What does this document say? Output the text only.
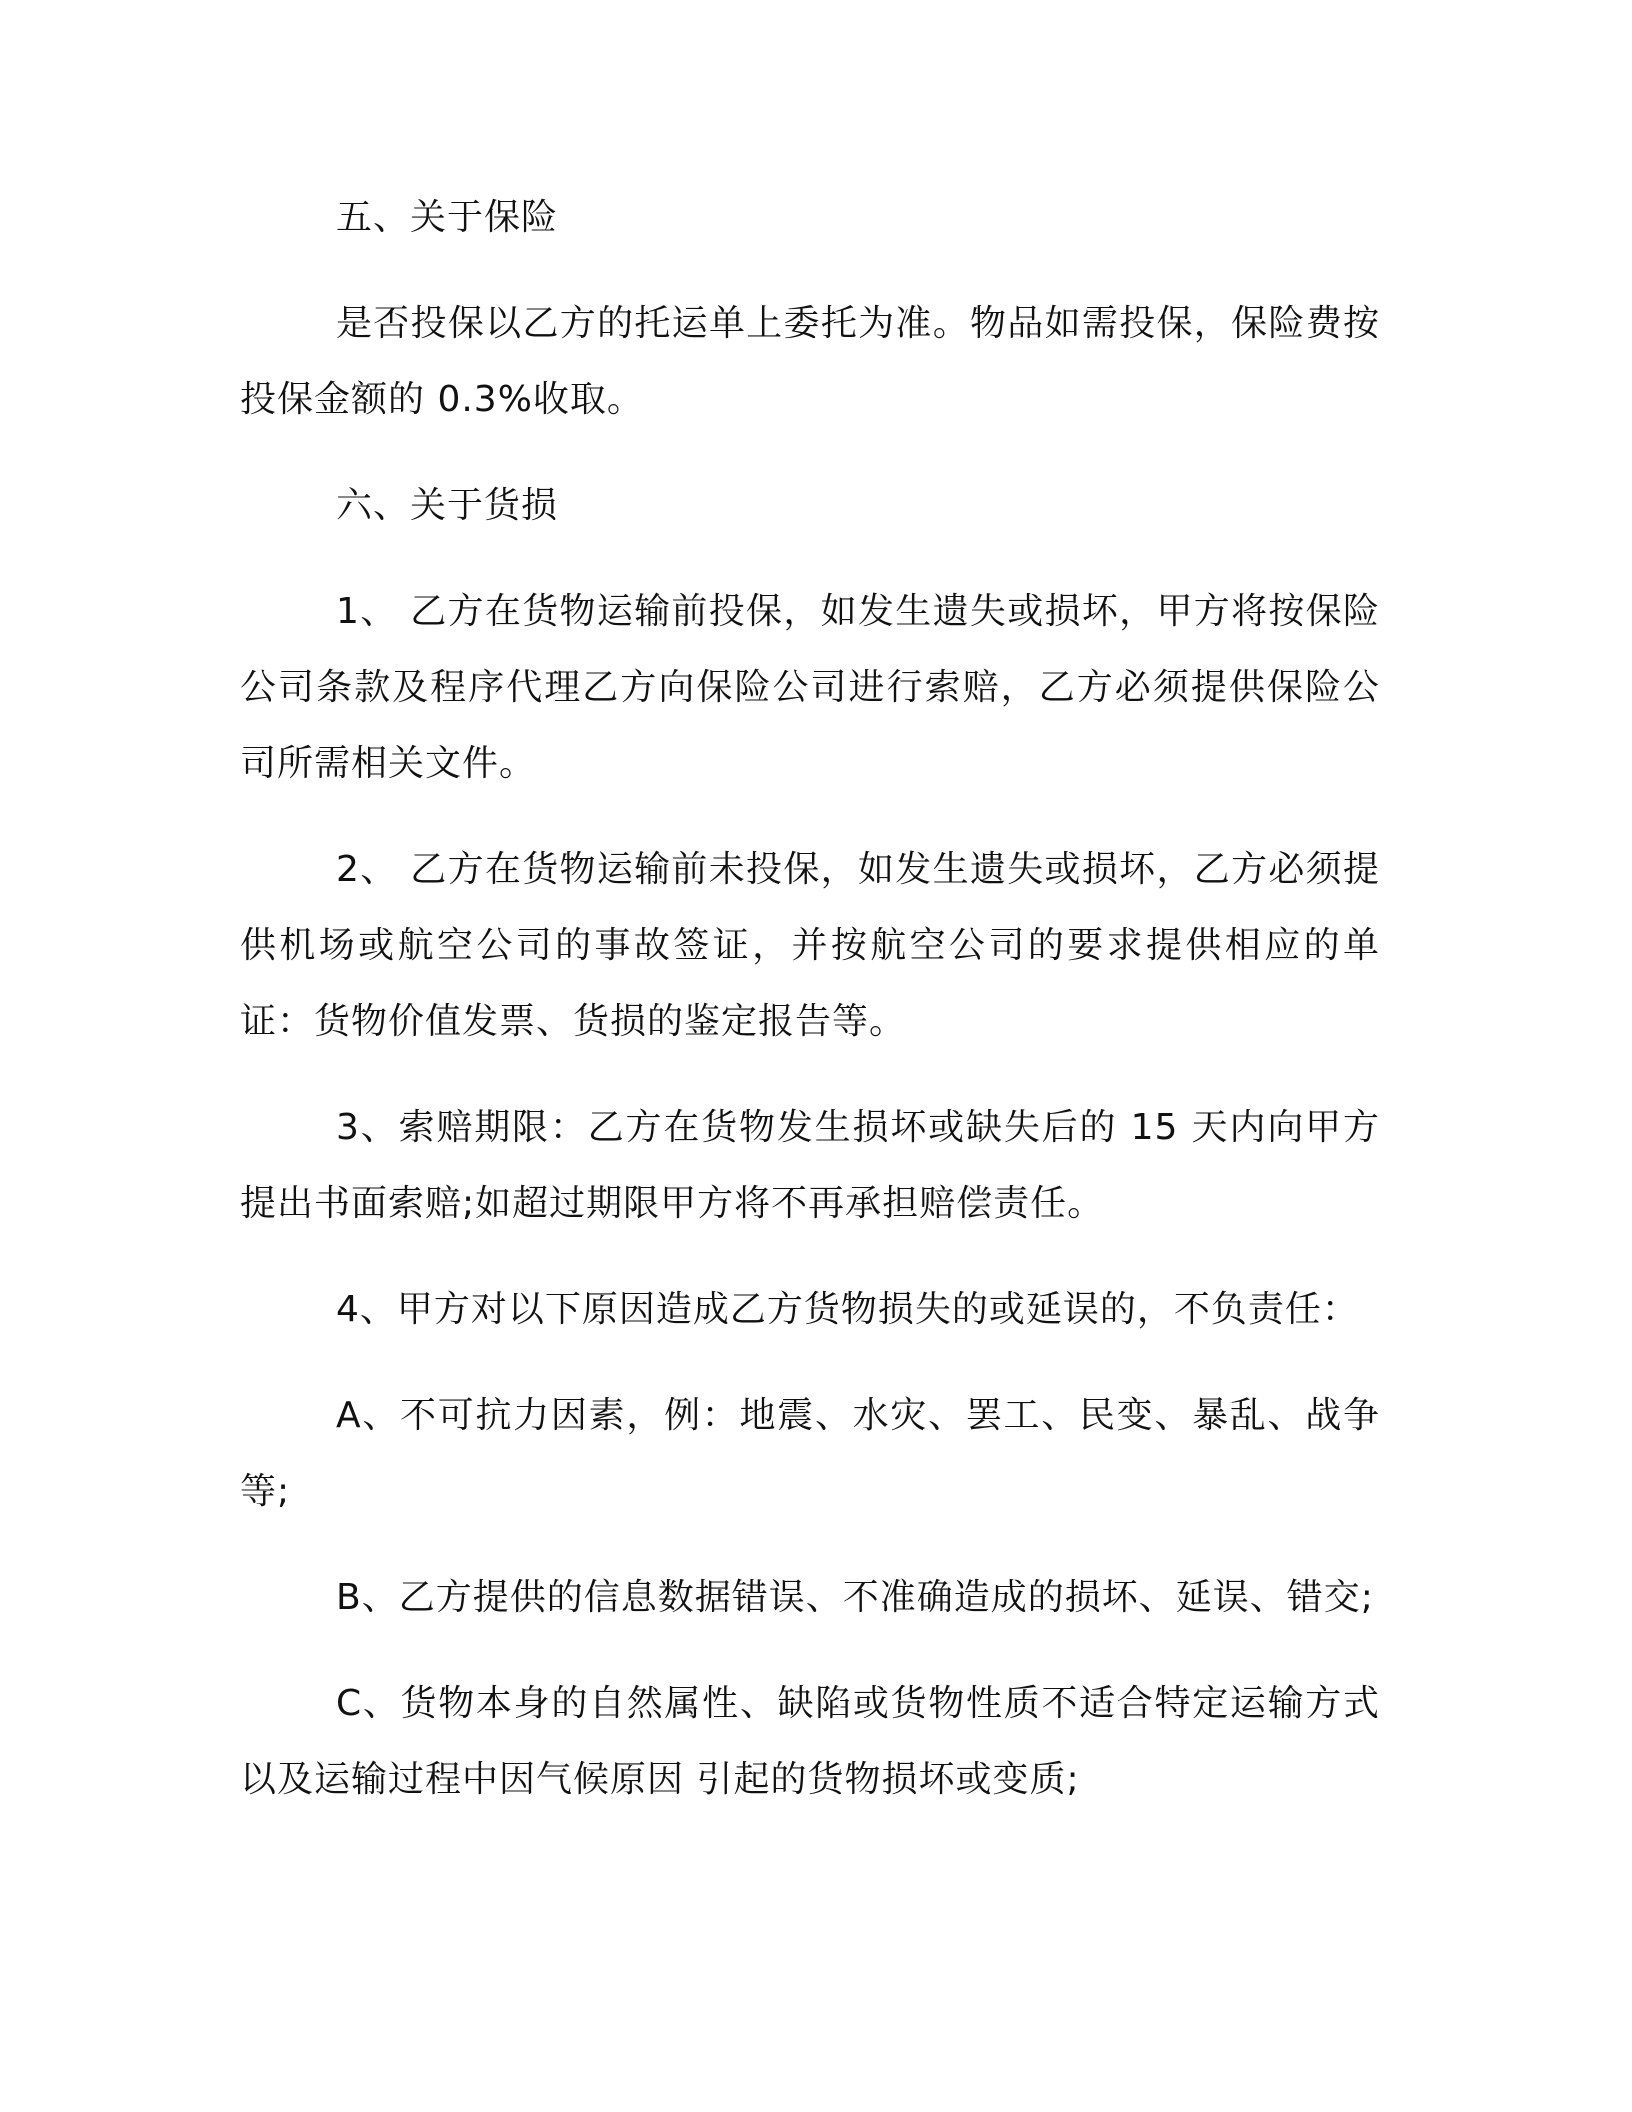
五、关于保险

是否投保以乙方的托运单上委托为准。物品如需投保，保险费按投保金额的 0.3%收取。

六、关于货损

1、 乙方在货物运输前投保，如发生遗失或损坏，甲方将按保险公司条款及程序代理乙方向保险公司进行索赔，乙方必须提供保险公司所需相关文件。

2、 乙方在货物运输前未投保，如发生遗失或损坏，乙方必须提供机场或航空公司的事故签证，并按航空公司的要求提供相应的单证：货物价值发票、货损的鉴定报告等。

3、索赔期限：乙方在货物发生损坏或缺失后的 15 天内向甲方提出书面索赔;如超过期限甲方将不再承担赔偿责任。

4、甲方对以下原因造成乙方货物损失的或延误的，不负责任：

A、不可抗力因素，例：地震、水灾、罢工、民变、暴乱、战争等;

B、乙方提供的信息数据错误、不准确造成的损坏、延误、错交;

C、货物本身的自然属性、缺陷或货物性质不适合特定运输方式以及运输过程中因气候原因 引起的货物损坏或变质;
